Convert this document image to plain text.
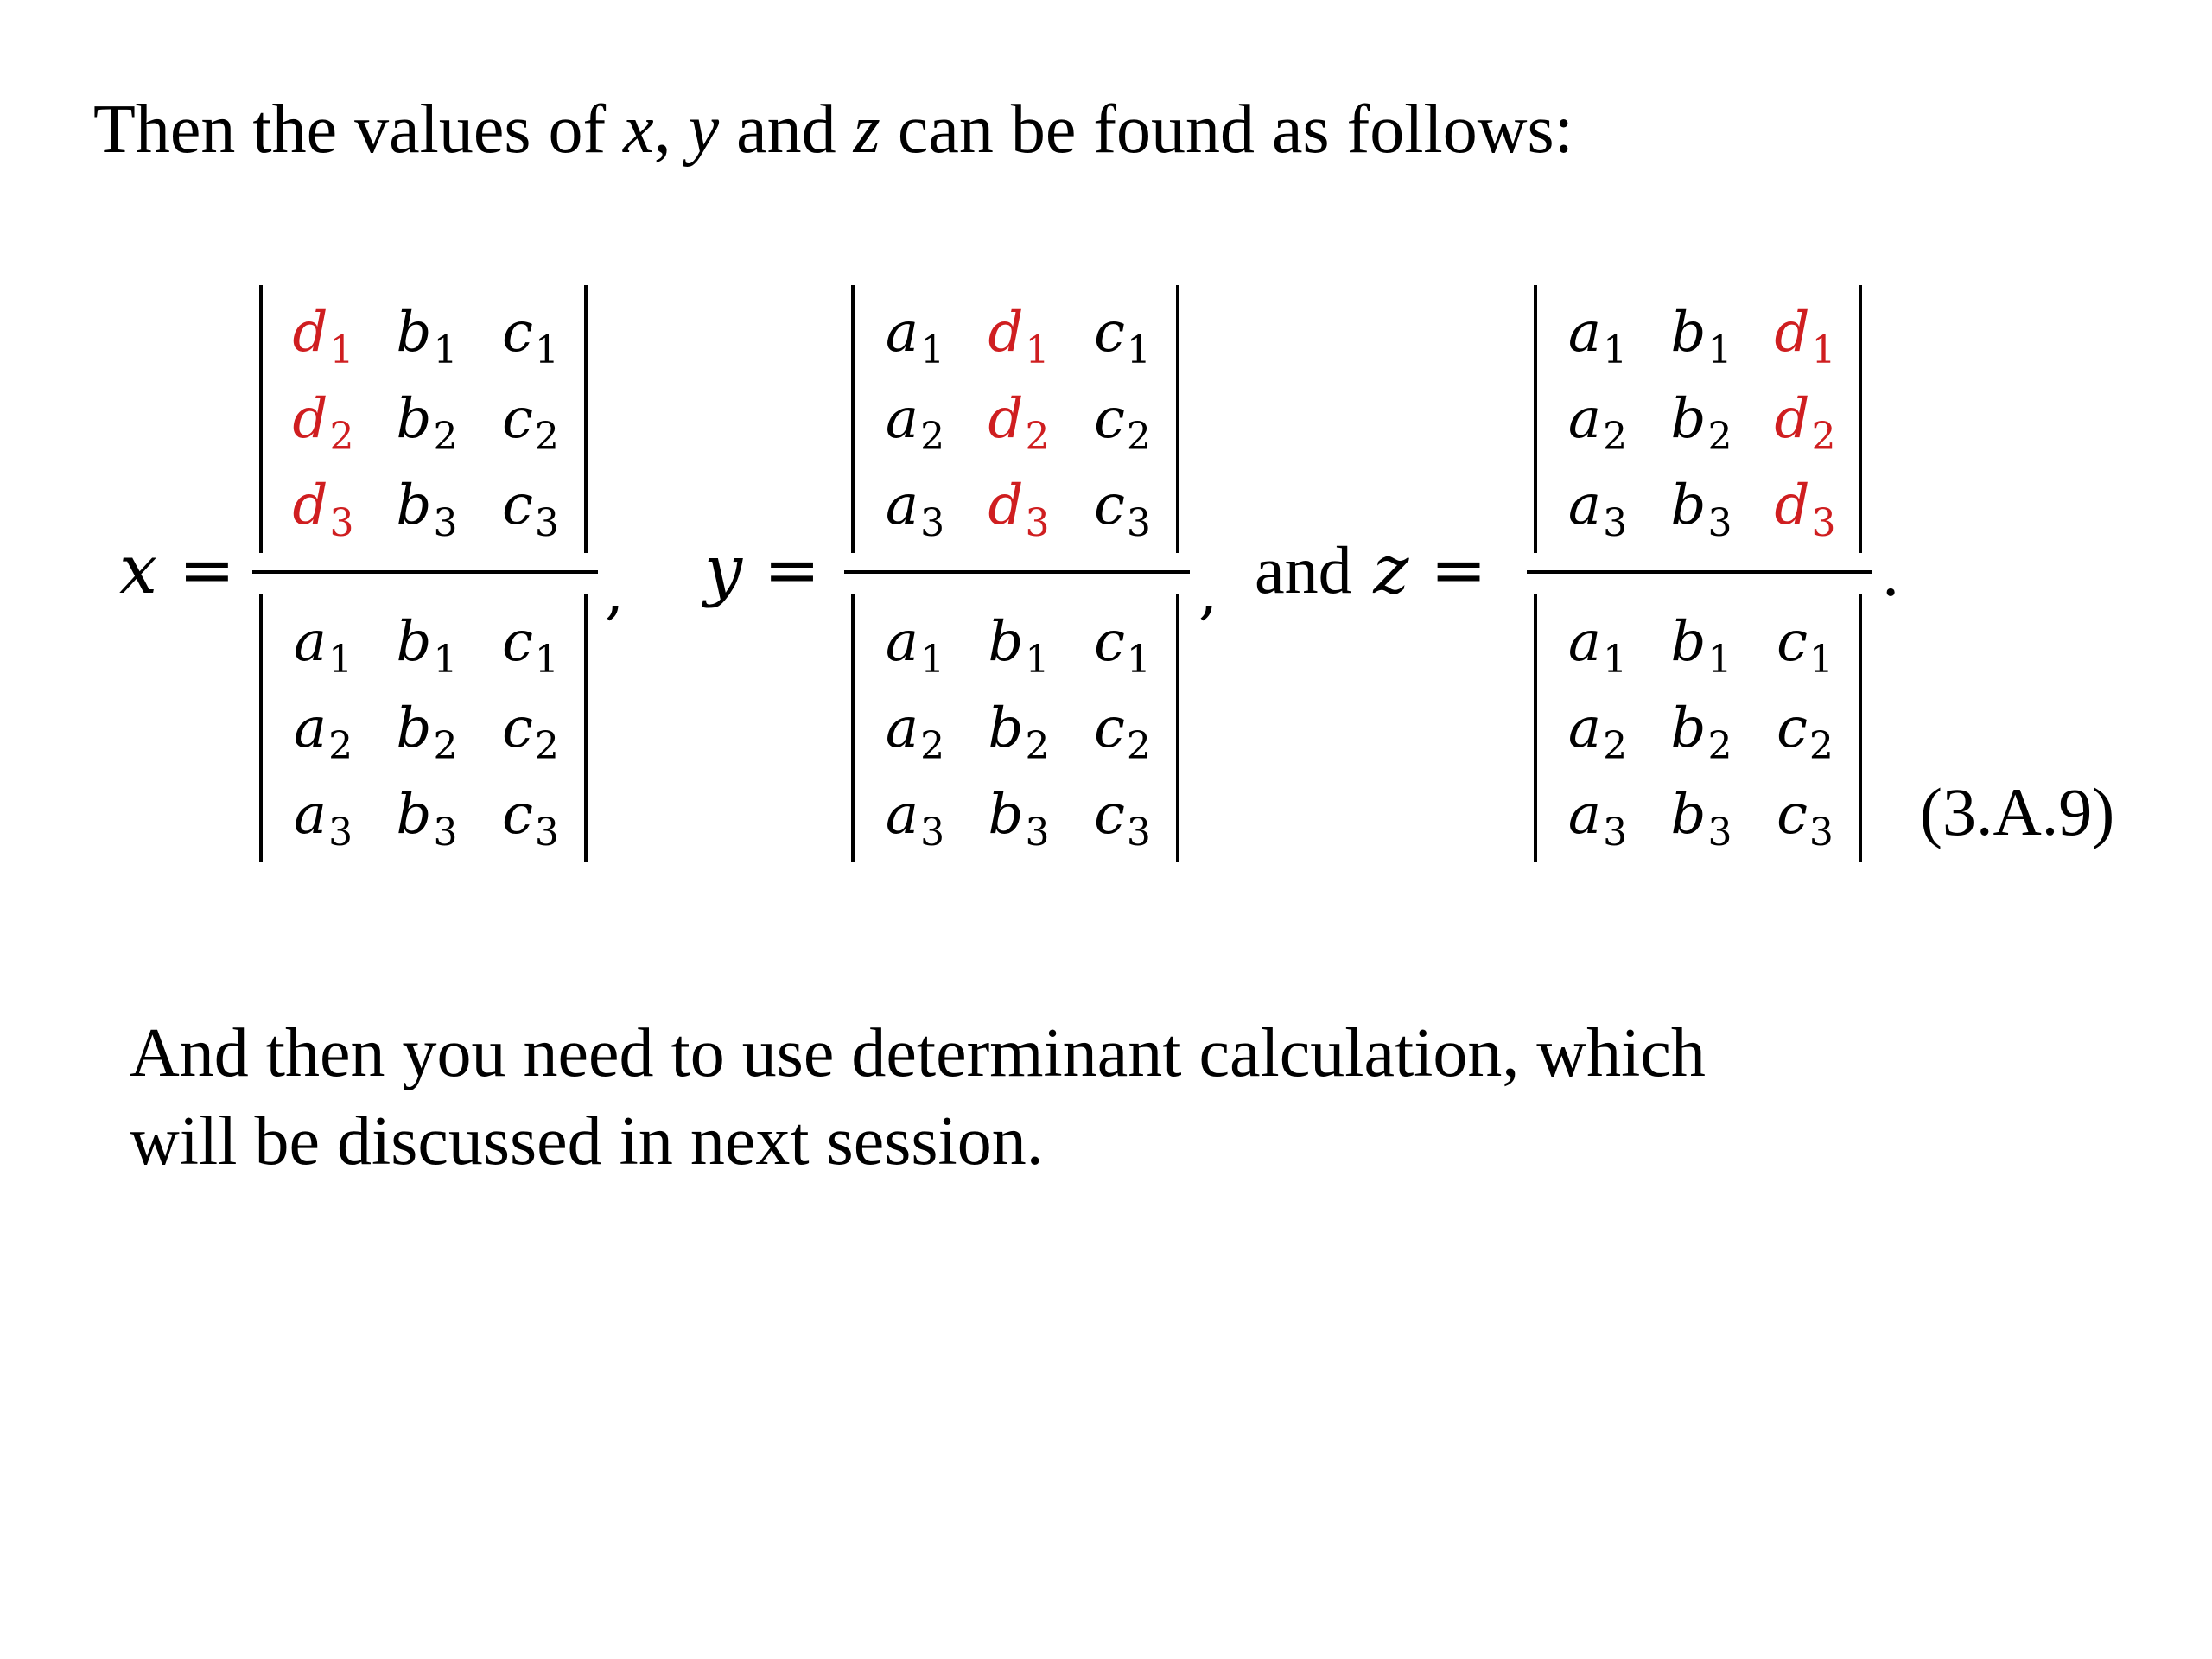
Then the values of x, y and z can be found as follows:
x =
$d_1$ $b_1$ $c_1$
$d_2$ $b_2$ $c_2$
$d_3$ $b_3$ $c_3$
$a_1$ $b_1$ $c_1$
$a_2$ $b_2$ $c_2$
$a_3$ $b_3$ $c_3$
, y =
$a_1$ $d_1$ $c_1$
$a_2$ $d_2$ $c_2$
$a_3$ $d_3$ $c_3$
$a_1$ $b_1$ $c_1$
$a_2$ $b_2$ $c_2$
$a_3$ $b_3$ $c_3$
, and z =
$a_1$ $b_1$ $d_1$
$a_2$ $b_2$ $d_2$
$a_3$ $b_3$ $d_3$
$a_1$ $b_1$ $c_1$
$a_2$ $b_2$ $c_2$
$a_3$ $b_3$ $c_3$
.
(3.A.9)
And then you need to use determinant calculation, which
will be discussed in next session.
